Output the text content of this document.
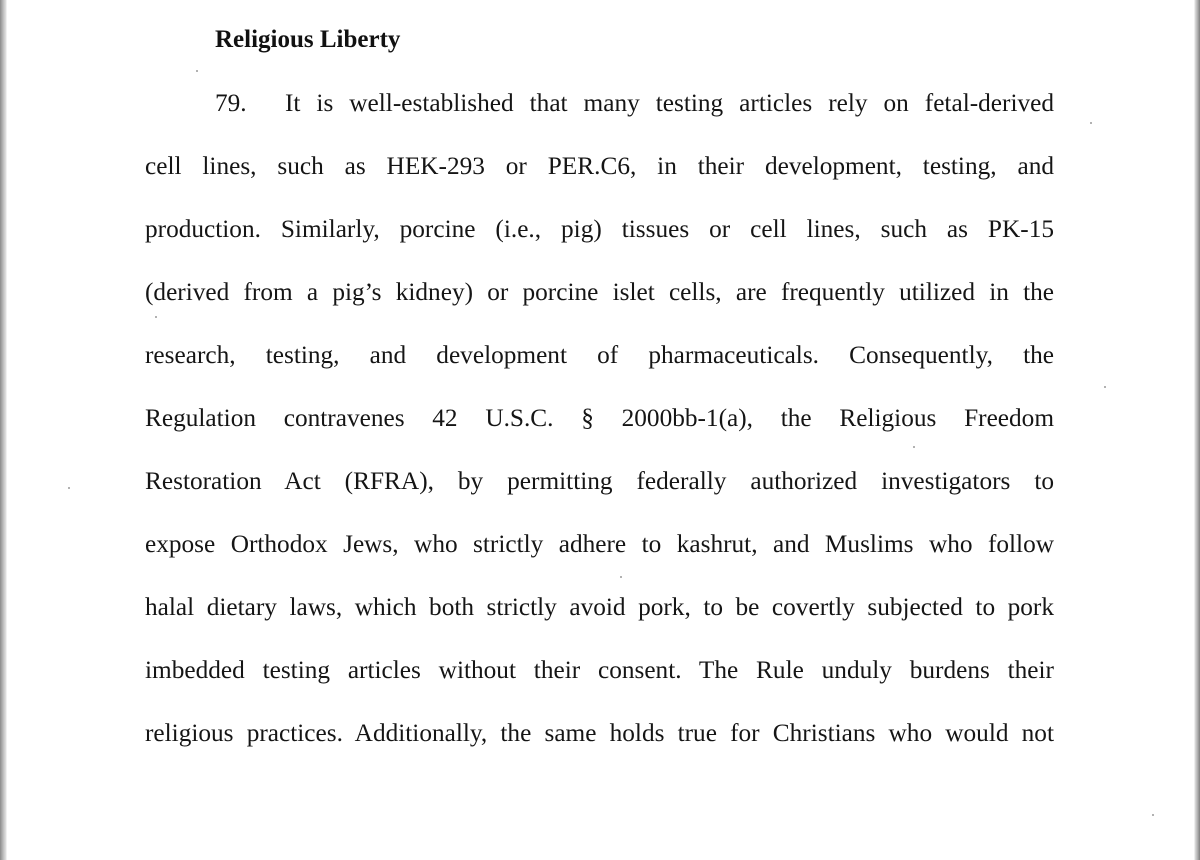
Religious Liberty
79. It is well-established that many testing articles rely on fetal-derived
cell lines, such as HEK-293 or PER.C6, in their development, testing, and
production. Similarly, porcine (i.e., pig) tissues or cell lines, such as PK-15
(derived from a pig’s kidney) or porcine islet cells, are frequently utilized in the
research, testing, and development of pharmaceuticals. Consequently, the
Regulation contravenes 42 U.S.C. § 2000bb-1(a), the Religious Freedom
Restoration Act (RFRA), by permitting federally authorized investigators to
expose Orthodox Jews, who strictly adhere to kashrut, and Muslims who follow
halal dietary laws, which both strictly avoid pork, to be covertly subjected to pork
imbedded testing articles without their consent. The Rule unduly burdens their
religious practices. Additionally, the same holds true for Christians who would not
